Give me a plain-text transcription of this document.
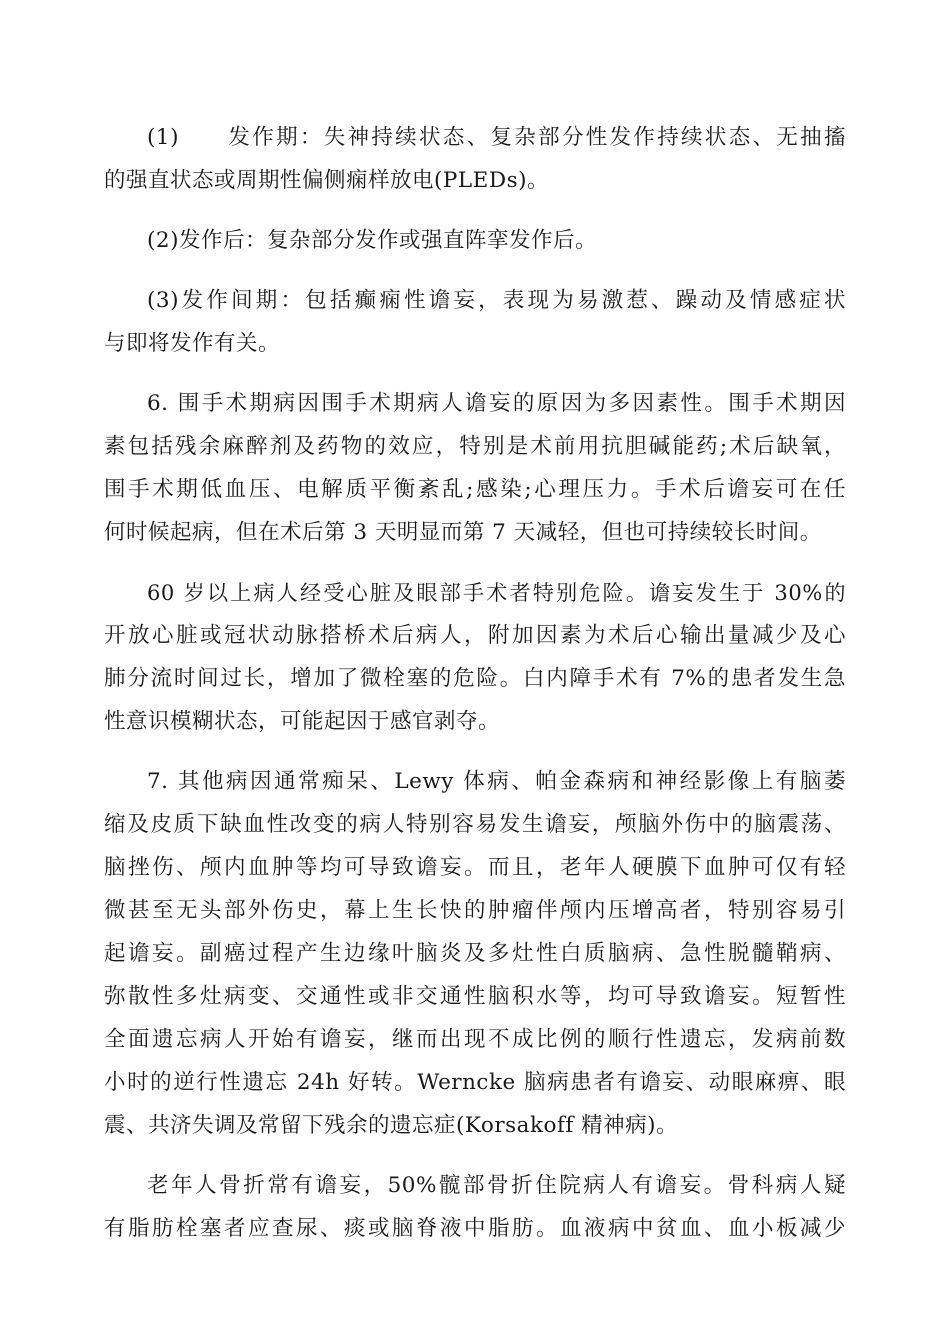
(1)　　发作期：失神持续状态、复杂部分性发作持续状态、无抽搐
的强直状态或周期性偏侧痫样放电(PLEDs)。

(2)发作后：复杂部分发作或强直阵挛发作后。

(3)发作间期：包括癫痫性谵妄，表现为易激惹、躁动及情感症状
与即将发作有关。

6. 围手术期病因围手术期病人谵妄的原因为多因素性。围手术期因
素包括残余麻醉剂及药物的效应，特别是术前用抗胆碱能药;术后缺氧，
围手术期低血压、电解质平衡紊乱;感染;心理压力。手术后谵妄可在任
何时候起病，但在术后第 3 天明显而第 7 天减轻，但也可持续较长时间。

60 岁以上病人经受心脏及眼部手术者特别危险。谵妄发生于 30%的
开放心脏或冠状动脉搭桥术后病人，附加因素为术后心输出量减少及心
肺分流时间过长，增加了微栓塞的危险。白内障手术有 7%的患者发生急
性意识模糊状态，可能起因于感官剥夺。

7. 其他病因通常痴呆、Lewy 体病、帕金森病和神经影像上有脑萎
缩及皮质下缺血性改变的病人特别容易发生谵妄，颅脑外伤中的脑震荡、
脑挫伤、颅内血肿等均可导致谵妄。而且，老年人硬膜下血肿可仅有轻
微甚至无头部外伤史，幕上生长快的肿瘤伴颅内压增高者，特别容易引
起谵妄。副癌过程产生边缘叶脑炎及多灶性白质脑病、急性脱髓鞘病、
弥散性多灶病变、交通性或非交通性脑积水等，均可导致谵妄。短暂性
全面遗忘病人开始有谵妄，继而出现不成比例的顺行性遗忘，发病前数
小时的逆行性遗忘 24h 好转。Werncke 脑病患者有谵妄、动眼麻痹、眼
震、共济失调及常留下残余的遗忘症(Korsakoff 精神病)。

老年人骨折常有谵妄，50%髋部骨折住院病人有谵妄。骨科病人疑
有脂肪栓塞者应查尿、痰或脑脊液中脂肪。血液病中贫血、血小板减少
